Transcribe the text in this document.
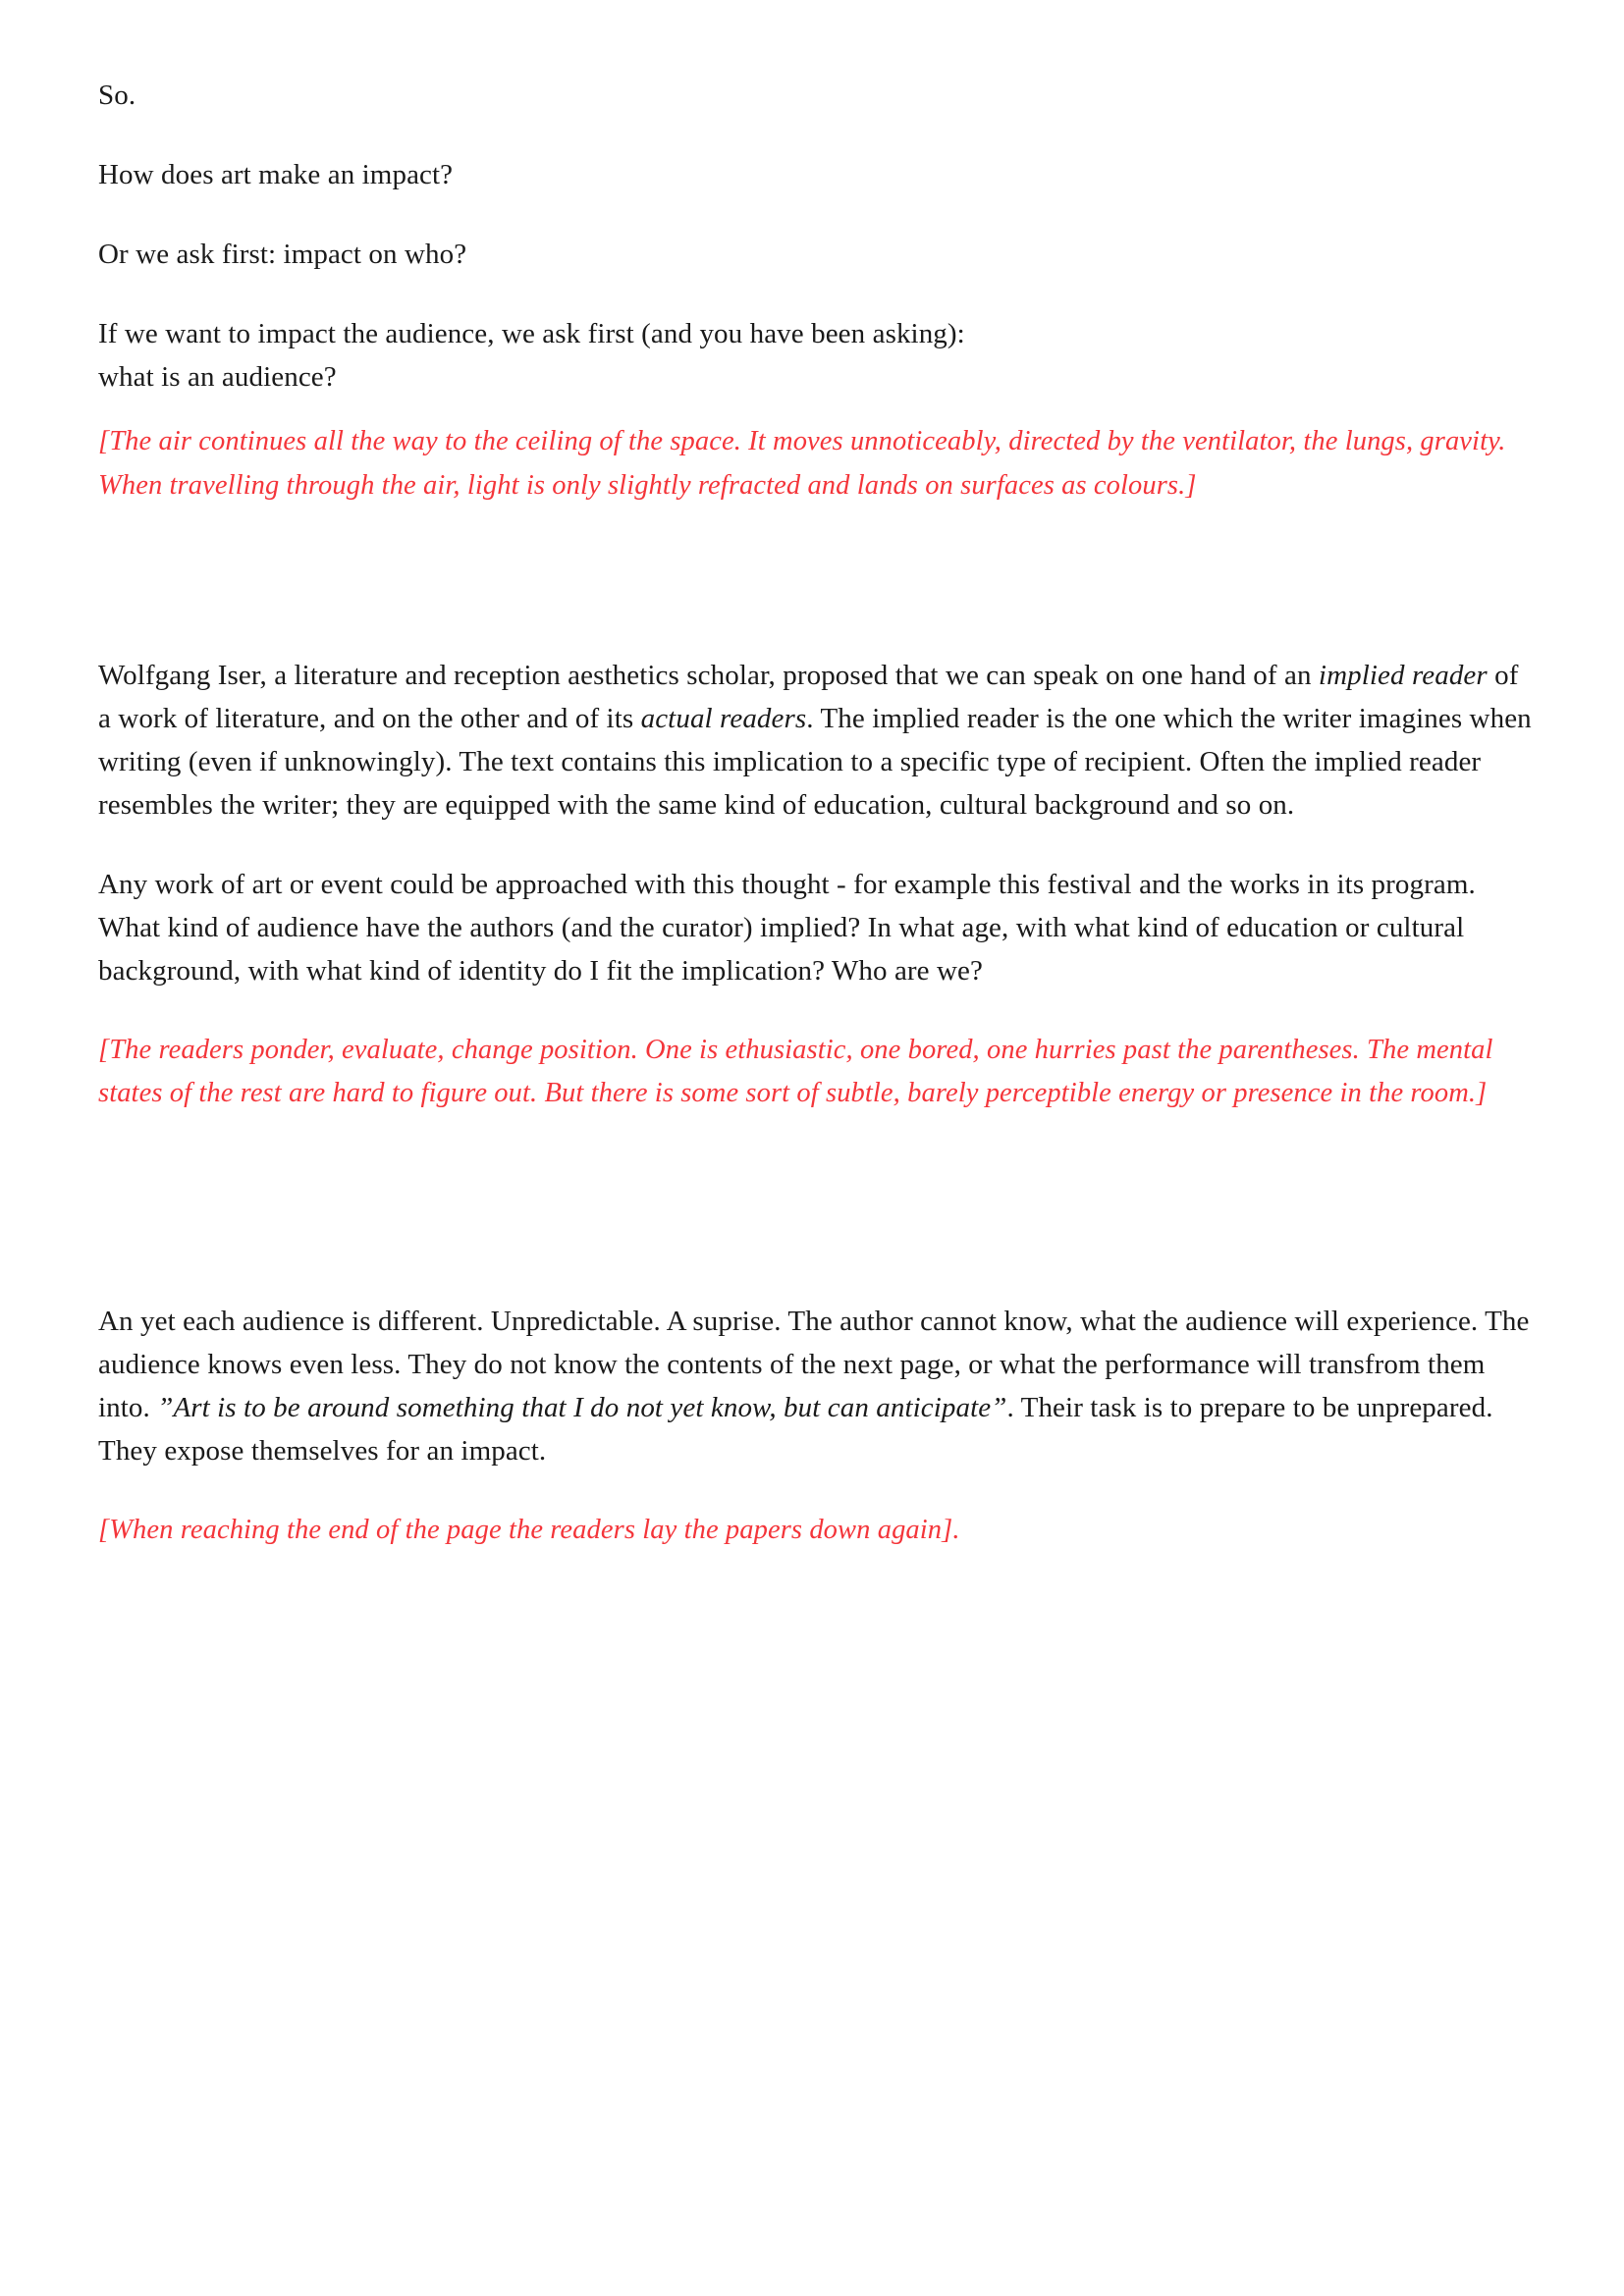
So.

How does art make an impact?

Or we ask first: impact on who?

If we want to impact the audience, we ask first (and you have been asking):

what is an audience?

[The air continues all the way to the ceiling of the space. It moves unnoticeably, directed by the ventilator, the lungs, gravity. When travelling through the air, light is only slightly refracted and lands on surfaces as colours.]

Wolfgang Iser, a literature and reception aesthetics scholar, proposed that we can speak on one hand of an implied reader of a work of literature, and on the other and of its actual readers. The implied reader is the one which the writer imagines when writing (even if unknowingly). The text contains this implication to a specific type of recipient. Often the implied reader resembles the writer; they are equipped with the same kind of education, cultural background and so on.

Any work of art or event could be approached with this thought - for example this festival and the works in its program. What kind of audience have the authors (and the curator) implied? In what age, with what kind of education or cultural background, with what kind of identity do I fit the implication? Who are we?

[The readers ponder, evaluate, change position. One is ethusiastic, one bored, one hurries past the parentheses. The mental states of the rest are hard to figure out. But there is some sort of subtle, barely perceptible energy or presence in the room.]

An yet each audience is different. Unpredictable. A suprise. The author cannot know, what the audience will experience. The audience knows even less. They do not know the contents of the next page, or what the performance will transfrom them into. ”Art is to be around something that I do not yet know, but can anticipate”. Their task is to prepare to be unprepared. They expose themselves for an impact.

[When reaching the end of the page the readers lay the papers down again].
